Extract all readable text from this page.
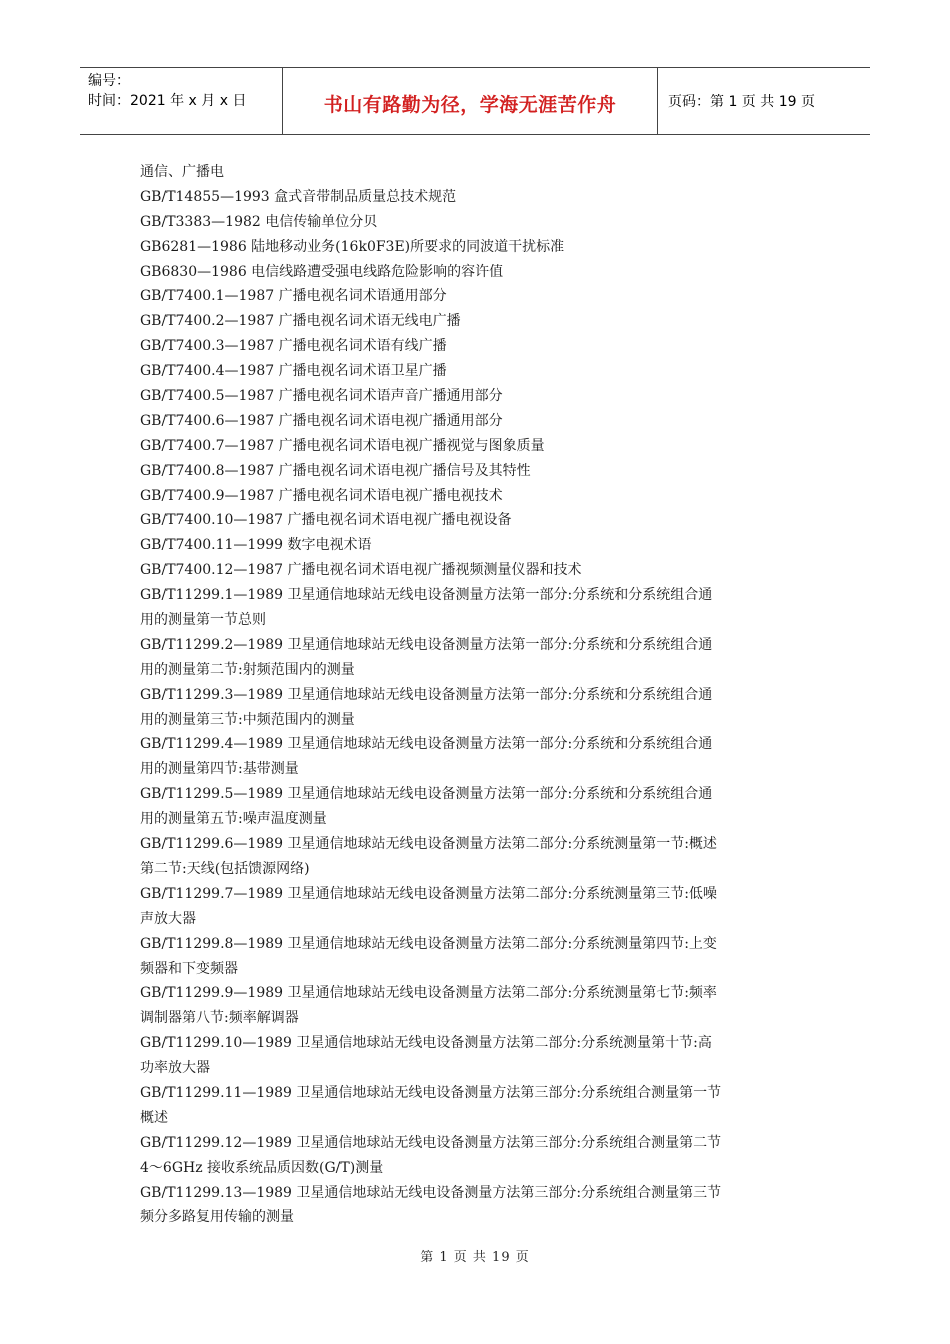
编号：
时间：2021 年 x 月 x 日	书山有路勤为径，学海无涯苦作舟	页码：第 1 页 共 19 页
通信、广播电
GB/T14855—1993 盒式音带制品质量总技术规范
GB/T3383—1982 电信传输单位分贝
GB6281—1986 陆地移动业务(16k0F3E)所要求的同波道干扰标准
GB6830—1986 电信线路遭受强电线路危险影响的容许值
GB/T7400.1—1987 广播电视名词术语通用部分
GB/T7400.2—1987 广播电视名词术语无线电广播
GB/T7400.3—1987 广播电视名词术语有线广播
GB/T7400.4—1987 广播电视名词术语卫星广播
GB/T7400.5—1987 广播电视名词术语声音广播通用部分
GB/T7400.6—1987 广播电视名词术语电视广播通用部分
GB/T7400.7—1987 广播电视名词术语电视广播视觉与图象质量
GB/T7400.8—1987 广播电视名词术语电视广播信号及其特性
GB/T7400.9—1987 广播电视名词术语电视广播电视技术
GB/T7400.10—1987 广播电视名词术语电视广播电视设备
GB/T7400.11—1999 数字电视术语
GB/T7400.12—1987 广播电视名词术语电视广播视频测量仪器和技术
GB/T11299.1—1989 卫星通信地球站无线电设备测量方法第一部分:分系统和分系统组合通
用的测量第一节总则
GB/T11299.2—1989 卫星通信地球站无线电设备测量方法第一部分:分系统和分系统组合通
用的测量第二节:射频范围内的测量
GB/T11299.3—1989 卫星通信地球站无线电设备测量方法第一部分:分系统和分系统组合通
用的测量第三节:中频范围内的测量
GB/T11299.4—1989 卫星通信地球站无线电设备测量方法第一部分:分系统和分系统组合通
用的测量第四节:基带测量
GB/T11299.5—1989 卫星通信地球站无线电设备测量方法第一部分:分系统和分系统组合通
用的测量第五节:噪声温度测量
GB/T11299.6—1989 卫星通信地球站无线电设备测量方法第二部分:分系统测量第一节:概述
第二节:天线(包括馈源网络)
GB/T11299.7—1989 卫星通信地球站无线电设备测量方法第二部分:分系统测量第三节:低噪
声放大器
GB/T11299.8—1989 卫星通信地球站无线电设备测量方法第二部分:分系统测量第四节:上变
频器和下变频器
GB/T11299.9—1989 卫星通信地球站无线电设备测量方法第二部分:分系统测量第七节:频率
调制器第八节:频率解调器
GB/T11299.10—1989 卫星通信地球站无线电设备测量方法第二部分:分系统测量第十节:高
功率放大器
GB/T11299.11—1989 卫星通信地球站无线电设备测量方法第三部分:分系统组合测量第一节
概述
GB/T11299.12—1989 卫星通信地球站无线电设备测量方法第三部分:分系统组合测量第二节
4～6GHz 接收系统品质因数(G/T)测量
GB/T11299.13—1989 卫星通信地球站无线电设备测量方法第三部分:分系统组合测量第三节
频分多路复用传输的测量
第 1 页 共 19 页
